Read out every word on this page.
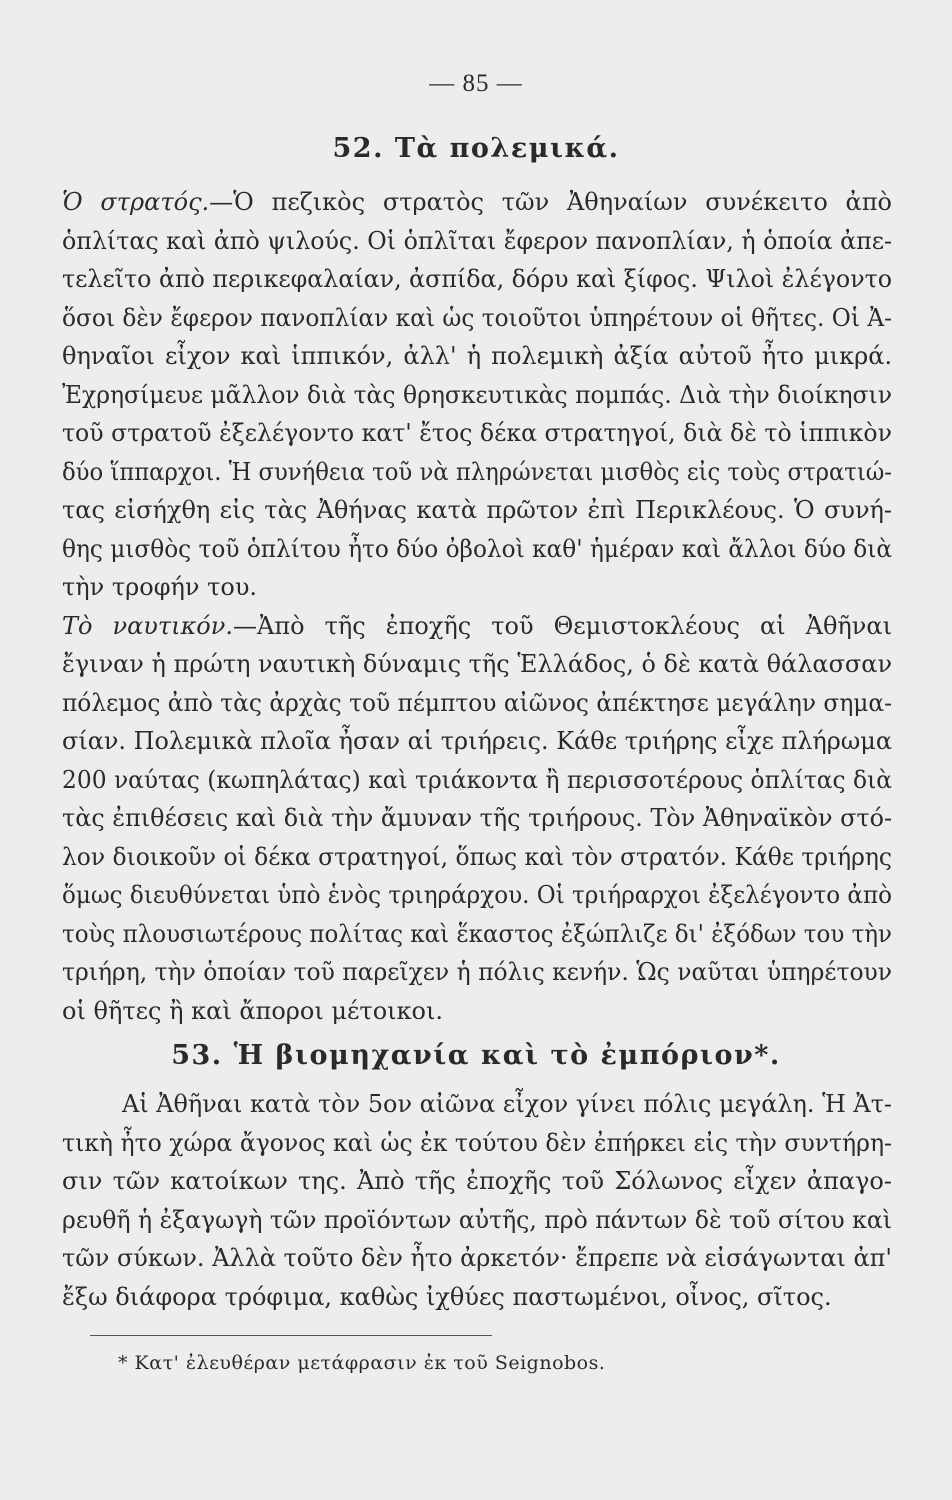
— 85 —
52. Τὰ πολεμικά.
Ὁ στρατός.—Ὁ πεζικὸς στρατὸς τῶν Ἀθηναίων συνέκειτο ἀπὸ
ὁπλίτας καὶ ἀπὸ ψιλούς. Οἱ ὁπλῖται ἔφερον πανοπλίαν, ἡ ὁποία ἀπε-
τελεῖτο ἀπὸ περικεφαλαίαν, ἀσπίδα, δόρυ καὶ ξίφος. Ψιλοὶ ἐλέγοντο
ὅσοι δὲν ἔφερον πανοπλίαν καὶ ὡς τοιοῦτοι ὑπηρέτουν οἱ θῆτες. Οἱ Ἀ-
θηναῖοι εἶχον καὶ ἱππικόν, ἀλλ' ἡ πολεμικὴ ἀξία αὐτοῦ ἦτο μικρά.
Ἐχρησίμευε μᾶλλον διὰ τὰς θρησκευτικὰς πομπάς. Διὰ τὴν διοίκησιν
τοῦ στρατοῦ ἐξελέγοντο κατ' ἔτος δέκα στρατηγοί, διὰ δὲ τὸ ἱππικὸν
δύο ἵππαρχοι. Ἡ συνήθεια τοῦ νὰ πληρώνεται μισθὸς εἰς τοὺς στρατιώ-
τας εἰσήχθη εἰς τὰς Ἀθήνας κατὰ πρῶτον ἐπὶ Περικλέους. Ὁ συνή-
θης μισθὸς τοῦ ὁπλίτου ἦτο δύο ὀβολοὶ καθ' ἡμέραν καὶ ἄλλοι δύο διὰ
τὴν τροφήν του.
Τὸ ναυτικόν.—Ἀπὸ τῆς ἐποχῆς τοῦ Θεμιστοκλέους αἱ Ἀθῆναι
ἔγιναν ἡ πρώτη ναυτικὴ δύναμις τῆς Ἑλλάδος, ὁ δὲ κατὰ θάλασσαν
πόλεμος ἀπὸ τὰς ἀρχὰς τοῦ πέμπτου αἰῶνος ἀπέκτησε μεγάλην σημα-
σίαν. Πολεμικὰ πλοῖα ἦσαν αἱ τριήρεις. Κάθε τριήρης εἶχε πλήρωμα
200 ναύτας (κωπηλάτας) καὶ τριάκοντα ἢ περισσοτέρους ὁπλίτας διὰ
τὰς ἐπιθέσεις καὶ διὰ τὴν ἄμυναν τῆς τριήρους. Τὸν Ἀθηναϊκὸν στό-
λον διοικοῦν οἱ δέκα στρατηγοί, ὅπως καὶ τὸν στρατόν. Κάθε τριήρης
ὅμως διευθύνεται ὑπὸ ἑνὸς τριηράρχου. Οἱ τριήραρχοι ἐξελέγοντο ἀπὸ
τοὺς πλουσιωτέρους πολίτας καὶ ἕκαστος ἐξώπλιζε δι' ἐξόδων του τὴν
τριήρη, τὴν ὁποίαν τοῦ παρεῖχεν ἡ πόλις κενήν. Ὡς ναῦται ὑπηρέτουν
οἱ θῆτες ἢ καὶ ἄποροι μέτοικοι.
53. Ἡ βιομηχανία καὶ τὸ ἐμπόριον*.
Αἱ Ἀθῆναι κατὰ τὸν 5ον αἰῶνα εἶχον γίνει πόλις μεγάλη. Ἡ Ἀτ-
τικὴ ἦτο χώρα ἄγονος καὶ ὡς ἐκ τούτου δὲν ἐπήρκει εἰς τὴν συντήρη-
σιν τῶν κατοίκων της. Ἀπὸ τῆς ἐποχῆς τοῦ Σόλωνος εἶχεν ἀπαγο-
ρευθῆ ἡ ἐξαγωγὴ τῶν προϊόντων αὐτῆς, πρὸ πάντων δὲ τοῦ σίτου καὶ
τῶν σύκων. Ἀλλὰ τοῦτο δὲν ἦτο ἀρκετόν· ἔπρεπε νὰ εἰσάγωνται ἀπ'
ἔξω διάφορα τρόφιμα, καθὼς ἰχθύες παστωμένοι, οἶνος, σῖτος.
* Κατ' ἐλευθέραν μετάφρασιν ἐκ τοῦ Seignobos.
